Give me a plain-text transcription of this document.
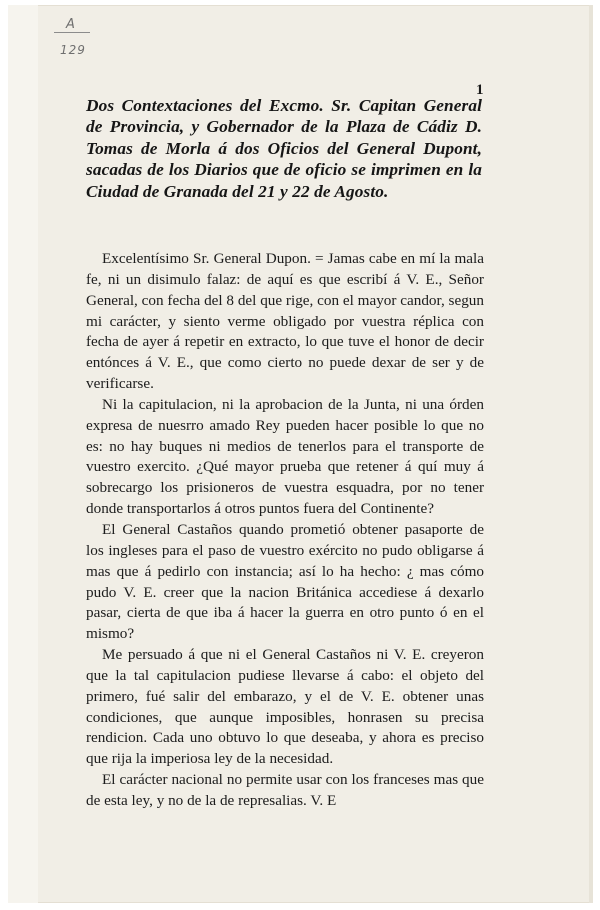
A
129
1
Dos Contextaciones del Excmo. Sr. Capitan General de Provincia, y Gobernador de la Plaza de Cádiz D. Tomas de Morla á dos Oficios del General Dupont, sacadas de los Diarios que de oficio se imprimen en la Ciudad de Granada del 21 y 22 de Agosto.

Excelentísimo Sr. General Dupon. = Jamas cabe en mí la mala fe, ni un disimulo falaz: de aquí es que escribí á V. E., Señor General, con fecha del 8 del que rige, con el mayor candor, segun mi carácter, y siento verme obligado por vuestra réplica con fecha de ayer á repetir en extracto, lo que tuve el honor de decir entónces á V. E., que como cierto no puede dexar de ser y de verificarse.

Ni la capitulacion, ni la aprobacion de la Junta, ni una órden expresa de nuesrro amado Rey pueden hacer posible lo que no es: no hay buques ni medios de tenerlos para el transporte de vuestro exercito. ¿Qué mayor prueba que retener á quí muy á sobrecargo los prisioneros de vuestra esquadra, por no tener donde transportarlos á otros puntos fuera del Continente?

El General Castaños quando prometió obtener pasaporte de los ingleses para el paso de vuestro exército no pudo obligarse á mas que á pedirlo con instancia; así lo ha hecho: ¿ mas cómo pudo V. E. creer que la nacion Británica accediese á dexarlo pasar, cierta de que iba á hacer la guerra en otro punto ó en el mismo?

Me persuado á que ni el General Castaños ni V. E. creyeron que la tal capitulacion pudiese llevarse á cabo: el objeto del primero, fué salir del embarazo, y el de V. E. obtener unas condiciones, que aunque imposibles, honrasen su precisa rendicion. Cada uno obtuvo lo que deseaba, y ahora es preciso que rija la imperiosa ley de la necesidad.

El carácter nacional no permite usar con los franceses mas que de esta ley, y no de la de represalias. V. E
